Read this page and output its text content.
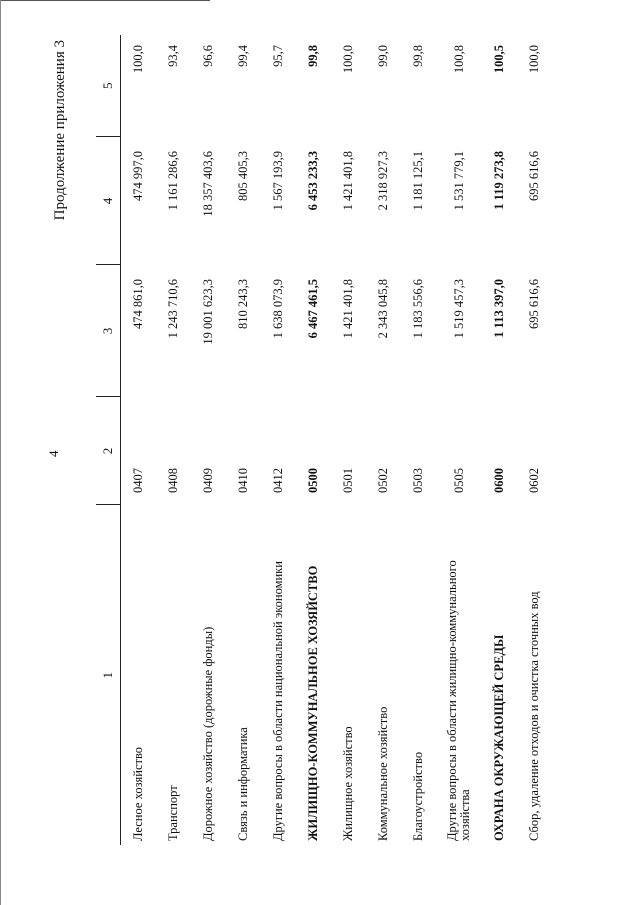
4
Продолжение приложения 3
1	2	3	4	5
Лесное хозяйство	0407	474 861,0	474 997,0	100,0
Транспорт	0408	1 243 710,6	1 161 286,6	93,4
Дорожное хозяйство (дорожные фонды)	0409	19 001 623,3	18 357 403,6	96,6
Связь и информатика	0410	810 243,3	805 405,3	99,4
Другие вопросы в области национальной экономики	0412	1 638 073,9	1 567 193,9	95,7
ЖИЛИЩНО-КОММУНАЛЬНОЕ ХОЗЯЙСТВО	0500	6 467 461,5	6 453 233,3	99,8
Жилищное хозяйство	0501	1 421 401,8	1 421 401,8	100,0
Коммунальное хозяйство	0502	2 343 045,8	2 318 927,3	99,0
Благоустройство	0503	1 183 556,6	1 181 125,1	99,8
Другие вопросы в области жилищно-коммунального хозяйства	0505	1 519 457,3	1 531 779,1	100,8
ОХРАНА ОКРУЖАЮЩЕЙ СРЕДЫ	0600	1 113 397,0	1 119 273,8	100,5
Сбор, удаление отходов и очистка сточных вод	0602	695 616,6	695 616,6	100,0
